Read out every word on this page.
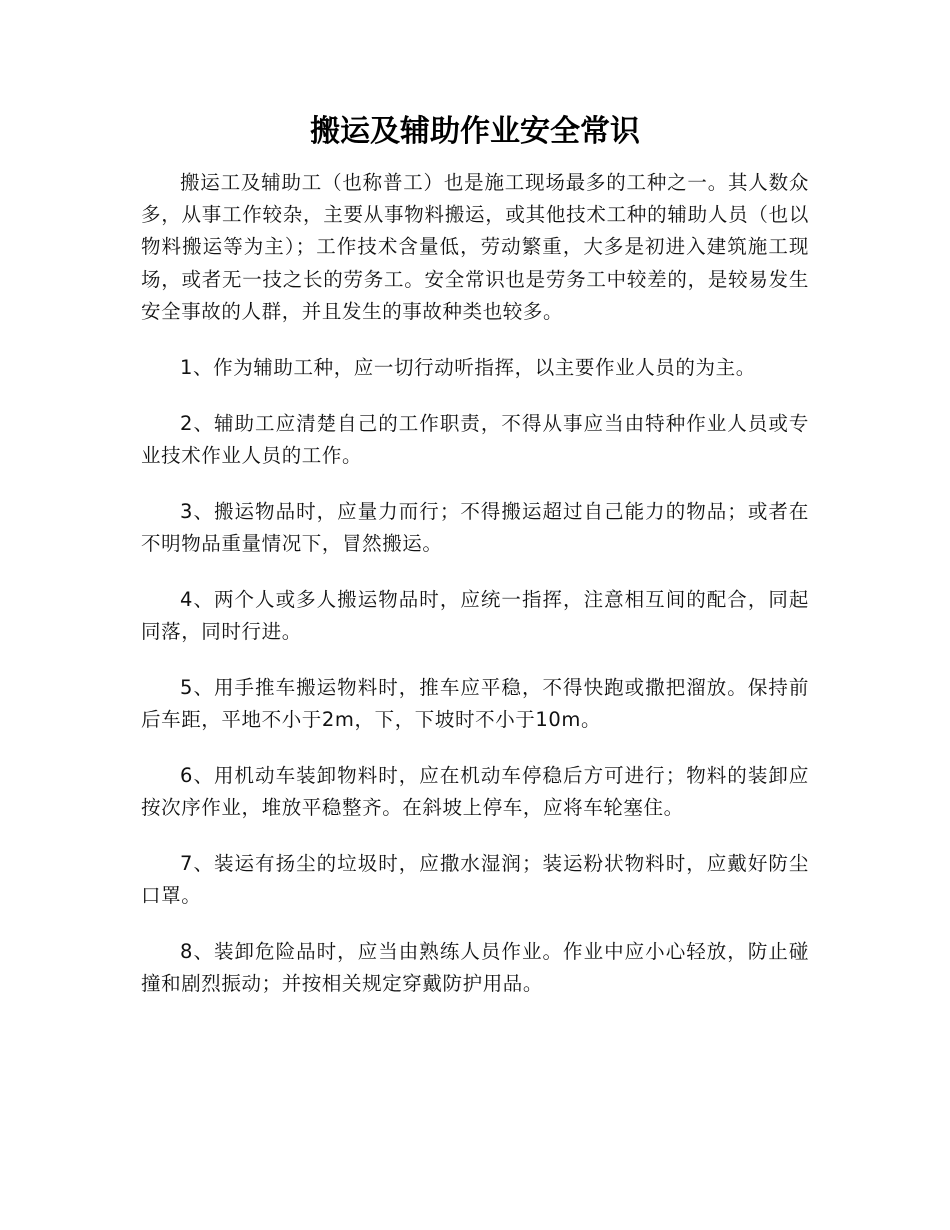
搬运及辅助作业安全常识

搬运工及辅助工（也称普工）也是施工现场最多的工种之一。其人数众多，从事工作较杂，主要从事物料搬运，或其他技术工种的辅助人员（也以物料搬运等为主）；工作技术含量低，劳动繁重，大多是初进入建筑施工现场，或者无一技之长的劳务工。安全常识也是劳务工中较差的，是较易发生安全事故的人群，并且发生的事故种类也较多。

1、作为辅助工种，应一切行动听指挥，以主要作业人员的为主。

2、辅助工应清楚自己的工作职责，不得从事应当由特种作业人员或专业技术作业人员的工作。

3、搬运物品时，应量力而行；不得搬运超过自己能力的物品；或者在不明物品重量情况下，冒然搬运。

4、两个人或多人搬运物品时，应统一指挥，注意相互间的配合，同起同落，同时行进。

5、用手推车搬运物料时，推车应平稳，不得快跑或撒把溜放。保持前后车距，平地不小于2m，下，下坡时不小于10m。

6、用机动车装卸物料时，应在机动车停稳后方可进行；物料的装卸应按次序作业，堆放平稳整齐。在斜坡上停车，应将车轮塞住。

7、装运有扬尘的垃圾时，应撒水湿润；装运粉状物料时，应戴好防尘口罩。

8、装卸危险品时，应当由熟练人员作业。作业中应小心轻放，防止碰撞和剧烈振动；并按相关规定穿戴防护用品。
